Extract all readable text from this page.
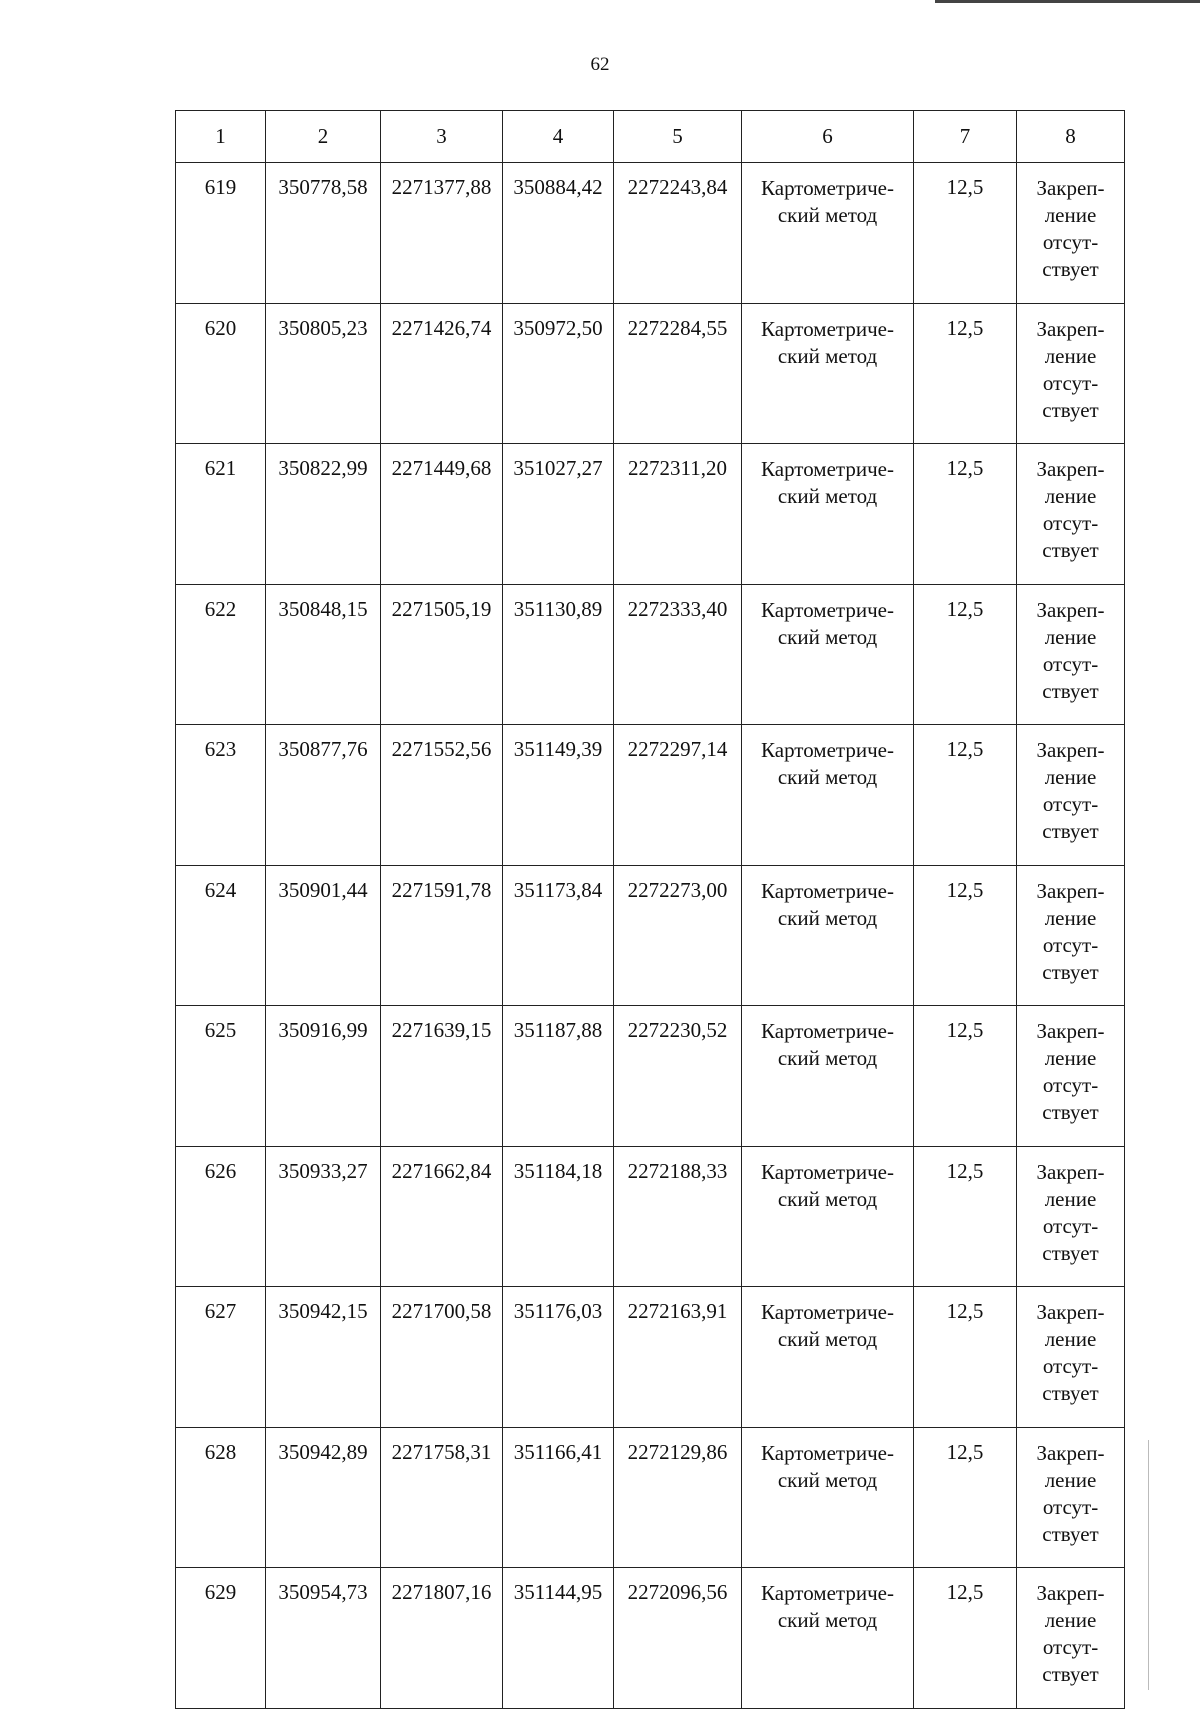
62
1	2	3	4	5	6	7	8
619	350778,58	2271377,88	350884,42	2272243,84	Картометриче-
ский метод	12,5	Закреп-
ление
отсут-
ствует

620	350805,23	2271426,74	350972,50	2272284,55	Картометриче-
ский метод	12,5	Закреп-
ление
отсут-
ствует

621	350822,99	2271449,68	351027,27	2272311,20	Картометриче-
ский метод	12,5	Закреп-
ление
отсут-
ствует

622	350848,15	2271505,19	351130,89	2272333,40	Картометриче-
ский метод	12,5	Закреп-
ление
отсут-
ствует

623	350877,76	2271552,56	351149,39	2272297,14	Картометриче-
ский метод	12,5	Закреп-
ление
отсут-
ствует

624	350901,44	2271591,78	351173,84	2272273,00	Картометриче-
ский метод	12,5	Закреп-
ление
отсут-
ствует

625	350916,99	2271639,15	351187,88	2272230,52	Картометриче-
ский метод	12,5	Закреп-
ление
отсут-
ствует

626	350933,27	2271662,84	351184,18	2272188,33	Картометриче-
ский метод	12,5	Закреп-
ление
отсут-
ствует

627	350942,15	2271700,58	351176,03	2272163,91	Картометриче-
ский метод	12,5	Закреп-
ление
отсут-
ствует

628	350942,89	2271758,31	351166,41	2272129,86	Картометриче-
ский метод	12,5	Закреп-
ление
отсут-
ствует

629	350954,73	2271807,16	351144,95	2272096,56	Картометриче-
ский метод	12,5	Закреп-
ление
отсут-
ствует
